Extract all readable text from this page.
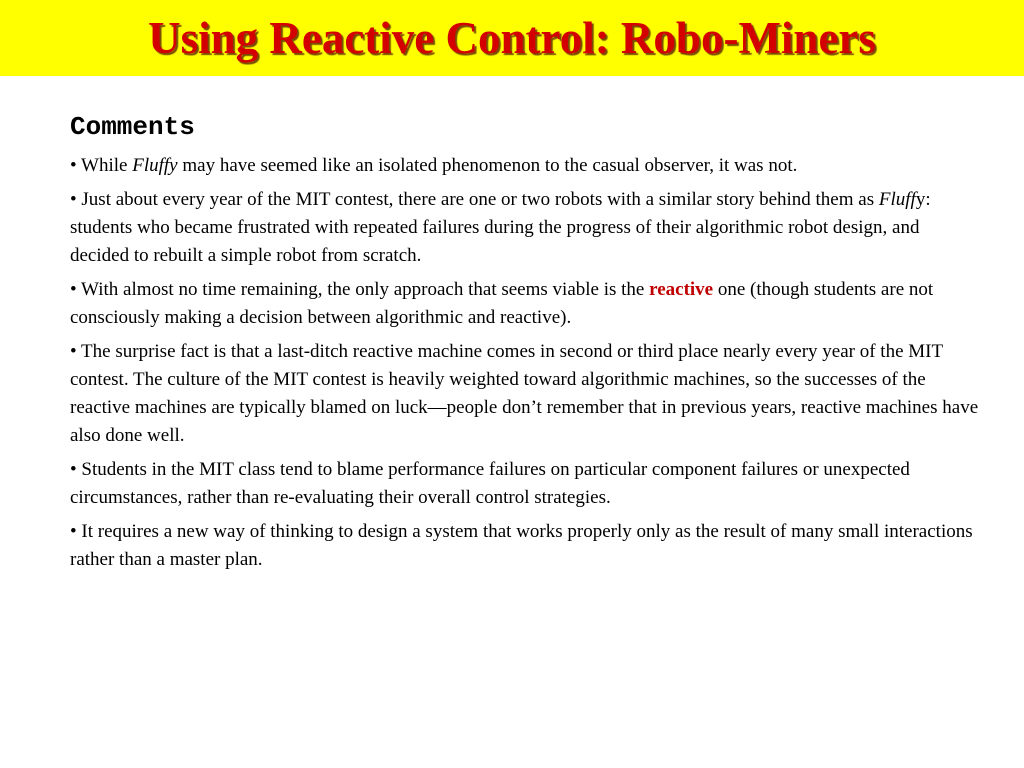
Using Reactive Control: Robo-Miners
Comments

• While Fluffy may have seemed like an isolated phenomenon to the casual observer, it was not.

• Just about every year of the MIT contest, there are one or two robots with a similar story behind them as Fluffy: students who became frustrated with repeated failures during the progress of their algorithmic robot design, and decided to rebuilt a simple robot from scratch.

• With almost no time remaining, the only approach that seems viable is the reactive one (though students are not consciously making a decision between algorithmic and reactive).

• The surprise fact is that a last-ditch reactive machine comes in second or third place nearly every year of the MIT contest. The culture of the MIT contest is heavily weighted toward algorithmic machines, so the successes of the reactive machines are typically blamed on luck—people don’t remember that in previous years, reactive machines have also done well.

• Students in the MIT class tend to blame performance failures on particular component failures or unexpected circumstances, rather than re-evaluating their overall control strategies.

• It requires a new way of thinking to design a system that works properly only as the result of many small interactions rather than a master plan.
